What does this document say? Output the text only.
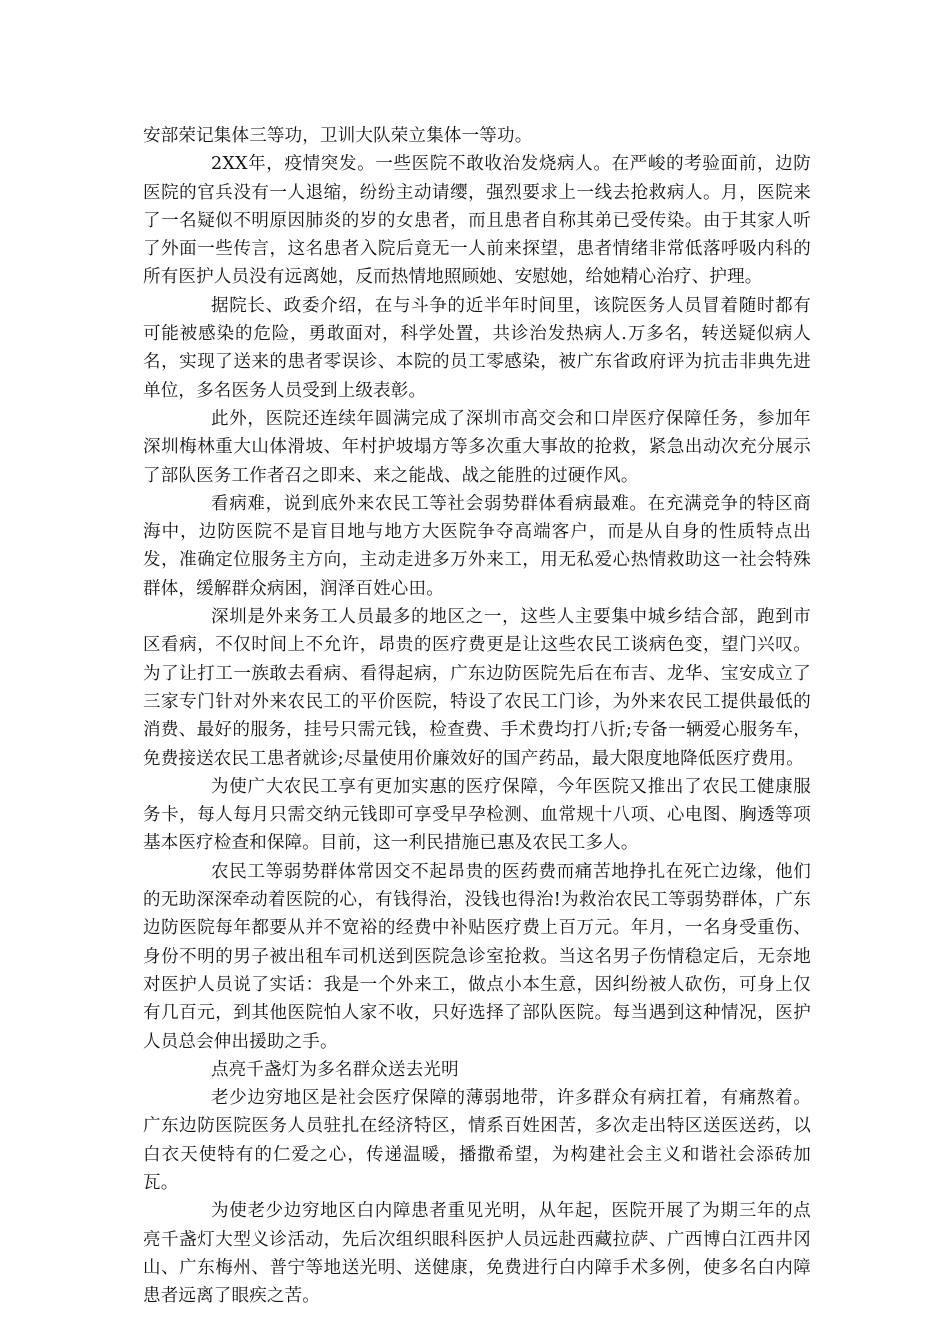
安部荣记集体三等功，卫训大队荣立集体一等功。

2XX年，疫情突发。一些医院不敢收治发烧病人。在严峻的考验面前，边防医院的官兵没有一人退缩，纷纷主动请缨，强烈要求上一线去抢救病人。月，医院来了一名疑似不明原因肺炎的岁的女患者，而且患者自称其弟已受传染。由于其家人听了外面一些传言，这名患者入院后竟无一人前来探望，患者情绪非常低落呼吸内科的所有医护人员没有远离她，反而热情地照顾她、安慰她，给她精心治疗、护理。

据院长、政委介绍，在与斗争的近半年时间里，该院医务人员冒着随时都有可能被感染的危险，勇敢面对，科学处置，共诊治发热病人.万多名，转送疑似病人名，实现了送来的患者零误诊、本院的员工零感染，被广东省政府评为抗击非典先进单位，多名医务人员受到上级表彰。

此外，医院还连续年圆满完成了深圳市高交会和口岸医疗保障任务，参加年深圳梅林重大山体滑坡、年村护坡塌方等多次重大事故的抢救，紧急出动次充分展示了部队医务工作者召之即来、来之能战、战之能胜的过硬作风。

看病难，说到底外来农民工等社会弱势群体看病最难。在充满竞争的特区商海中，边防医院不是盲目地与地方大医院争夺高端客户，而是从自身的性质特点出发，准确定位服务主方向，主动走进多万外来工，用无私爱心热情救助这一社会特殊群体，缓解群众病困，润泽百姓心田。

深圳是外来务工人员最多的地区之一，这些人主要集中城乡结合部，跑到市区看病，不仅时间上不允许，昂贵的医疗费更是让这些农民工谈病色变，望门兴叹。为了让打工一族敢去看病、看得起病，广东边防医院先后在布吉、龙华、宝安成立了三家专门针对外来农民工的平价医院，特设了农民工门诊，为外来农民工提供最低的消费、最好的服务，挂号只需元钱，检查费、手术费均打八折;专备一辆爱心服务车，免费接送农民工患者就诊;尽量使用价廉效好的国产药品，最大限度地降低医疗费用。

为使广大农民工享有更加实惠的医疗保障，今年医院又推出了农民工健康服务卡，每人每月只需交纳元钱即可享受早孕检测、血常规十八项、心电图、胸透等项基本医疗检查和保障。目前，这一利民措施已惠及农民工多人。

农民工等弱势群体常因交不起昂贵的医药费而痛苦地挣扎在死亡边缘，他们的无助深深牵动着医院的心，有钱得治，没钱也得治!为救治农民工等弱势群体，广东边防医院每年都要从并不宽裕的经费中补贴医疗费上百万元。年月，一名身受重伤、身份不明的男子被出租车司机送到医院急诊室抢救。当这名男子伤情稳定后，无奈地对医护人员说了实话：我是一个外来工，做点小本生意，因纠纷被人砍伤，可身上仅有几百元，到其他医院怕人家不收，只好选择了部队医院。每当遇到这种情况，医护人员总会伸出援助之手。

点亮千盏灯为多名群众送去光明

老少边穷地区是社会医疗保障的薄弱地带，许多群众有病扛着，有痛熬着。广东边防医院医务人员驻扎在经济特区，情系百姓困苦，多次走出特区送医送药，以白衣天使特有的仁爱之心，传递温暖，播撒希望，为构建社会主义和谐社会添砖加瓦。

为使老少边穷地区白内障患者重见光明，从年起，医院开展了为期三年的点亮千盏灯大型义诊活动，先后次组织眼科医护人员远赴西藏拉萨、广西博白江西井冈山、广东梅州、普宁等地送光明、送健康，免费进行白内障手术多例，使多名白内障患者远离了眼疾之苦。
